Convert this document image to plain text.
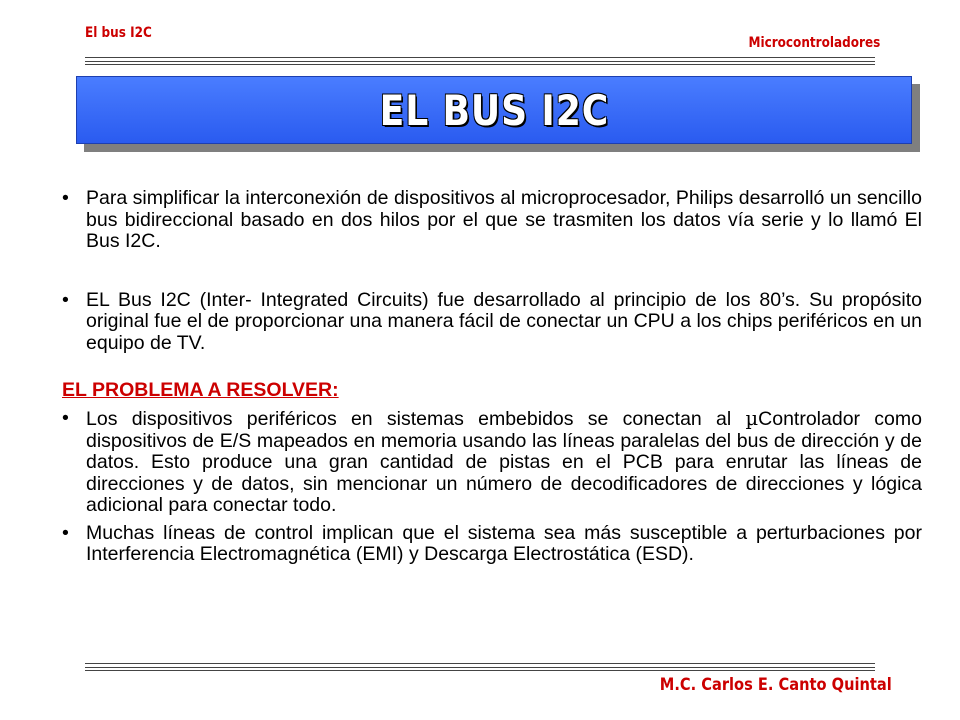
El bus I2C

Microcontroladores

EL BUS I2C
• Para simplificar la interconexión de dispositivos al microprocesador, Philips desarrolló un sencillo bus bidireccional basado en dos hilos por el que se trasmiten los datos vía serie y lo llamó El Bus I2C.
• EL Bus I2C (Inter- Integrated Circuits) fue desarrollado al principio de los 80’s. Su propósito original fue el de proporcionar una manera fácil de conectar un CPU a los chips periféricos en un equipo de TV.

EL PROBLEMA A RESOLVER:

• Los dispositivos periféricos en sistemas embebidos se conectan al µControlador como dispositivos de E/S mapeados en memoria usando las líneas paralelas del bus de dirección y de datos. Esto produce una gran cantidad de pistas en el PCB para enrutar las líneas de direcciones y de datos, sin mencionar un número de decodificadores de direcciones y lógica adicional para conectar todo.
• Muchas líneas de control implican que el sistema sea más susceptible a perturbaciones por Interferencia Electromagnética (EMI) y Descarga Electrostática (ESD).

M.C. Carlos E. Canto Quintal
